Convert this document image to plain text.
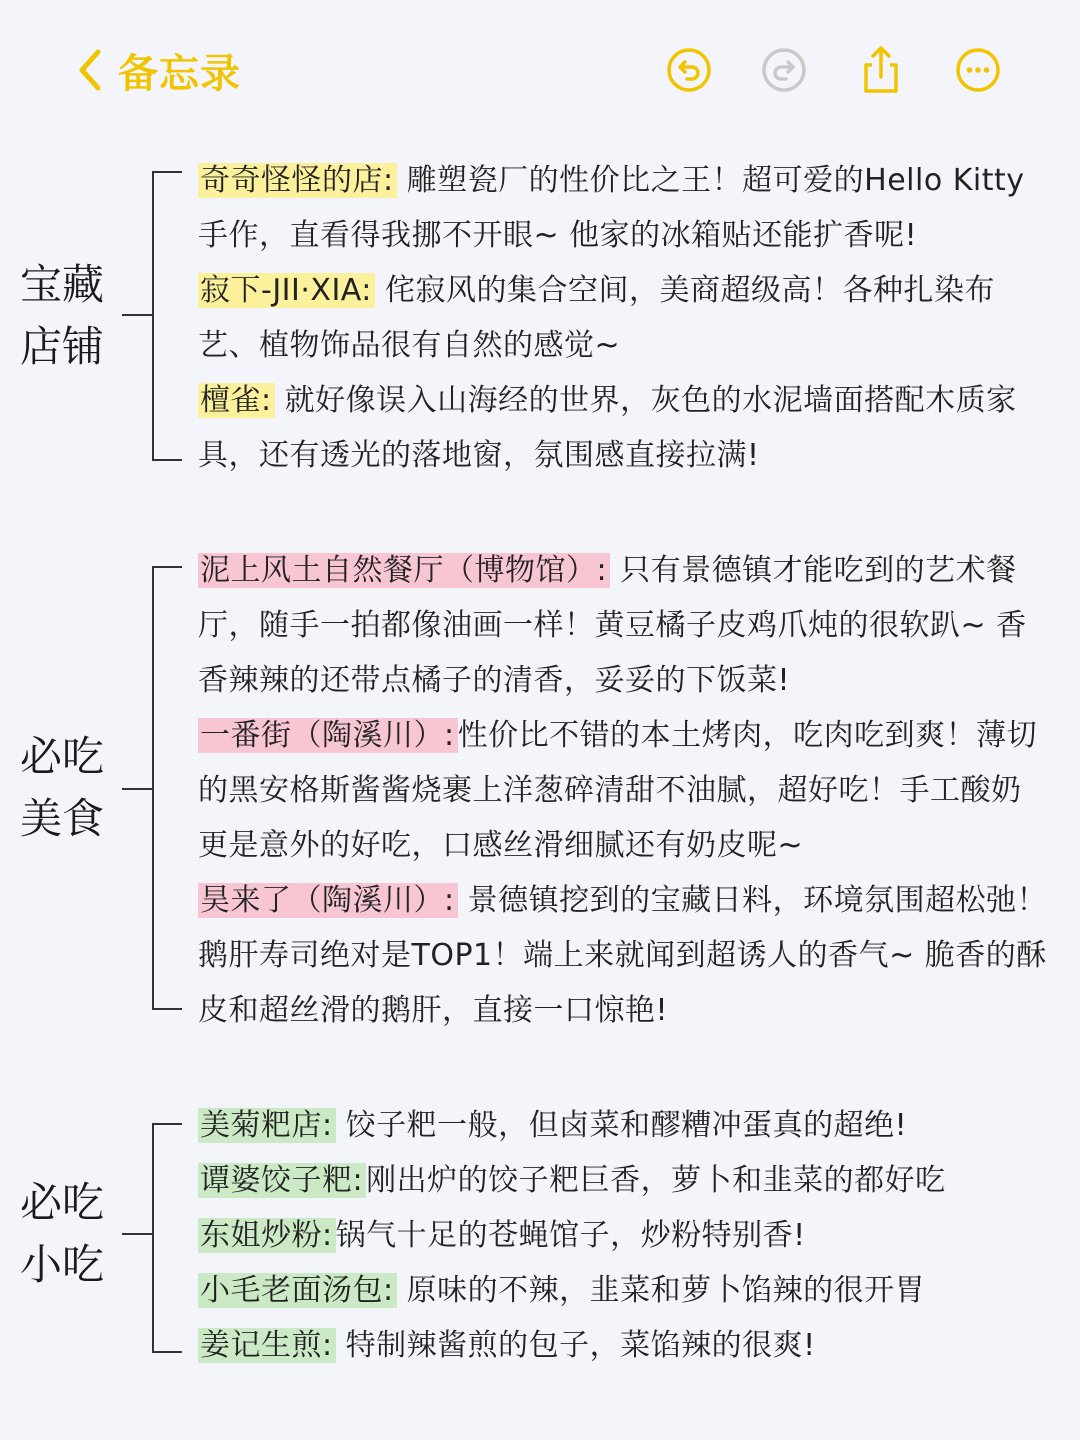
备忘录
宝藏
店铺

奇奇怪怪的店: 雕塑瓷厂的性价比之王！超可爱的Hello Kitty手作，直看得我挪不开眼~ 他家的冰箱贴还能扩香呢!

寂下-JII·XIA: 侘寂风的集合空间，美商超级高！各种扎染布艺、植物饰品很有自然的感觉~

檀雀: 就好像误入山海经的世界，灰色的水泥墙面搭配木质家具，还有透光的落地窗，氛围感直接拉满!

必吃
美食

泥上风土自然餐厅（博物馆）: 只有景德镇才能吃到的艺术餐厅，随手一拍都像油画一样！黄豆橘子皮鸡爪炖的很软趴~ 香香辣辣的还带点橘子的清香，妥妥的下饭菜!

一番街（陶溪川）: 性价比不错的本土烤肉，吃肉吃到爽！薄切的黑安格斯酱酱烧裹上洋葱碎清甜不油腻，超好吃！手工酸奶更是意外的好吃，口感丝滑细腻还有奶皮呢~

昊来了（陶溪川）: 景德镇挖到的宝藏日料，环境氛围超松弛！鹅肝寿司绝对是TOP1！端上来就闻到超诱人的香气~ 脆香的酥皮和超丝滑的鹅肝，直接一口惊艳!

必吃
小吃

美菊粑店: 饺子粑一般，但卤菜和醪糟冲蛋真的超绝!

谭婆饺子粑: 刚出炉的饺子粑巨香，萝卜和韭菜的都好吃

东姐炒粉: 锅气十足的苍蝇馆子，炒粉特别香!

小毛老面汤包: 原味的不辣，韭菜和萝卜馅辣的很开胃

姜记生煎: 特制辣酱煎的包子，菜馅辣的很爽!
